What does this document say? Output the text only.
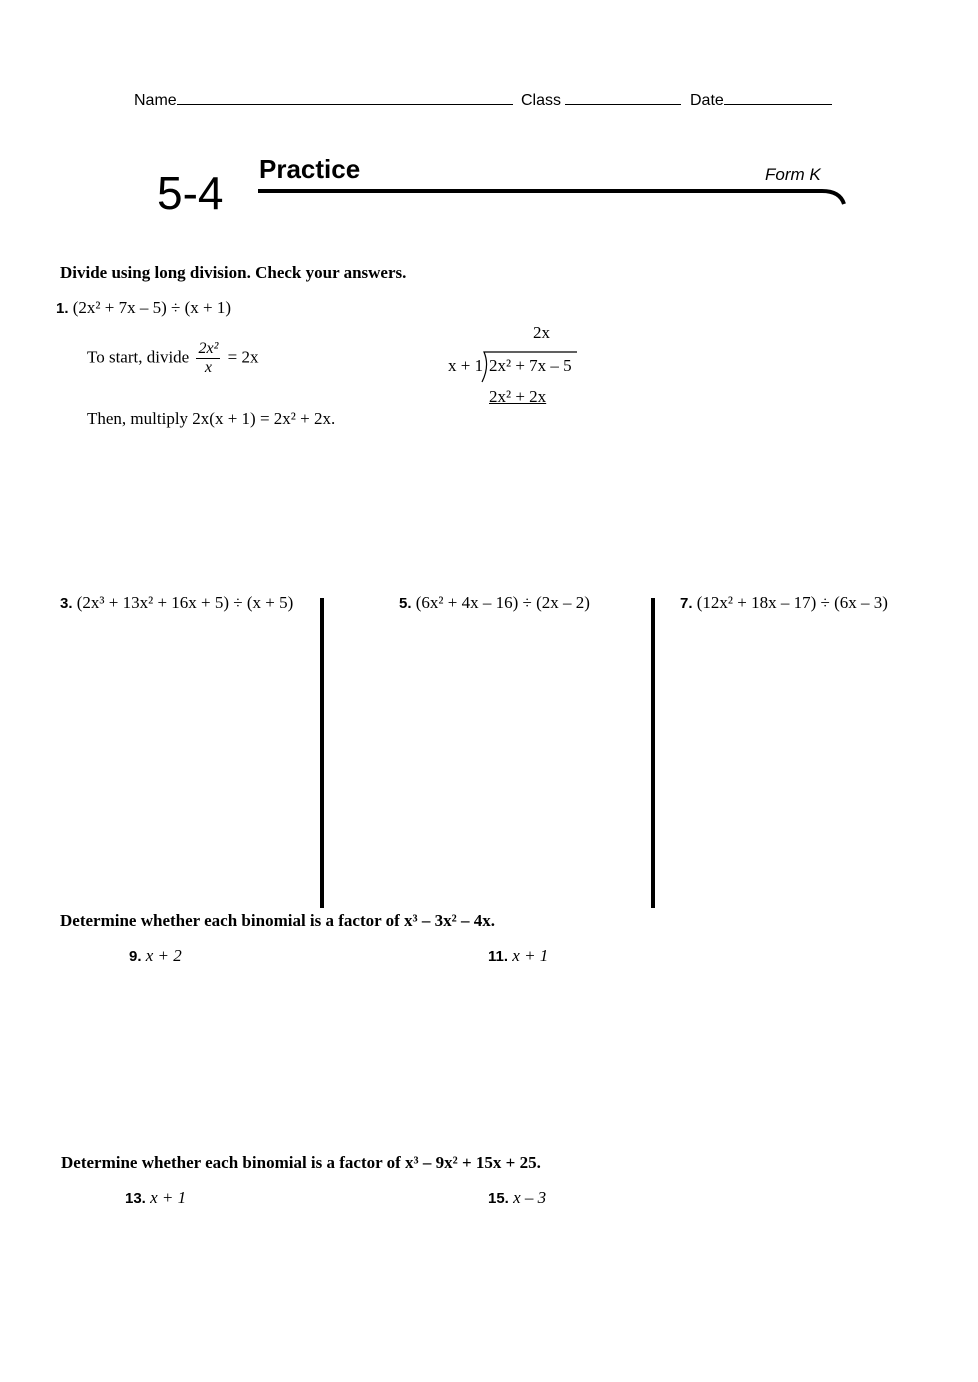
Name	Class	Date
5-4 Practice	Form K
Divide using long division. Check your answers.
1. (2x² + 7x – 5) ÷ (x + 1)
To start, divide $\frac{\text{2x²}}{x} = 2x$
Then, multiply 2x(x + 1) = 2x² + 2x.
2x
x + 1 2x² + 7x – 5
2x² + 2x
3. (2x³ + 13x² + 16x + 5) ÷ (x + 5)	5. (6x² + 4x – 16) ÷ (2x – 2)	7. (12x² + 18x – 17) ÷ (6x – 3)
Determine whether each binomial is a factor of x³ – 3x² – 4x.
9. x + 2	11. x + 1
Determine whether each binomial is a factor of x³ – 9x² + 15x + 25.
13. x + 1	15. x – 3
